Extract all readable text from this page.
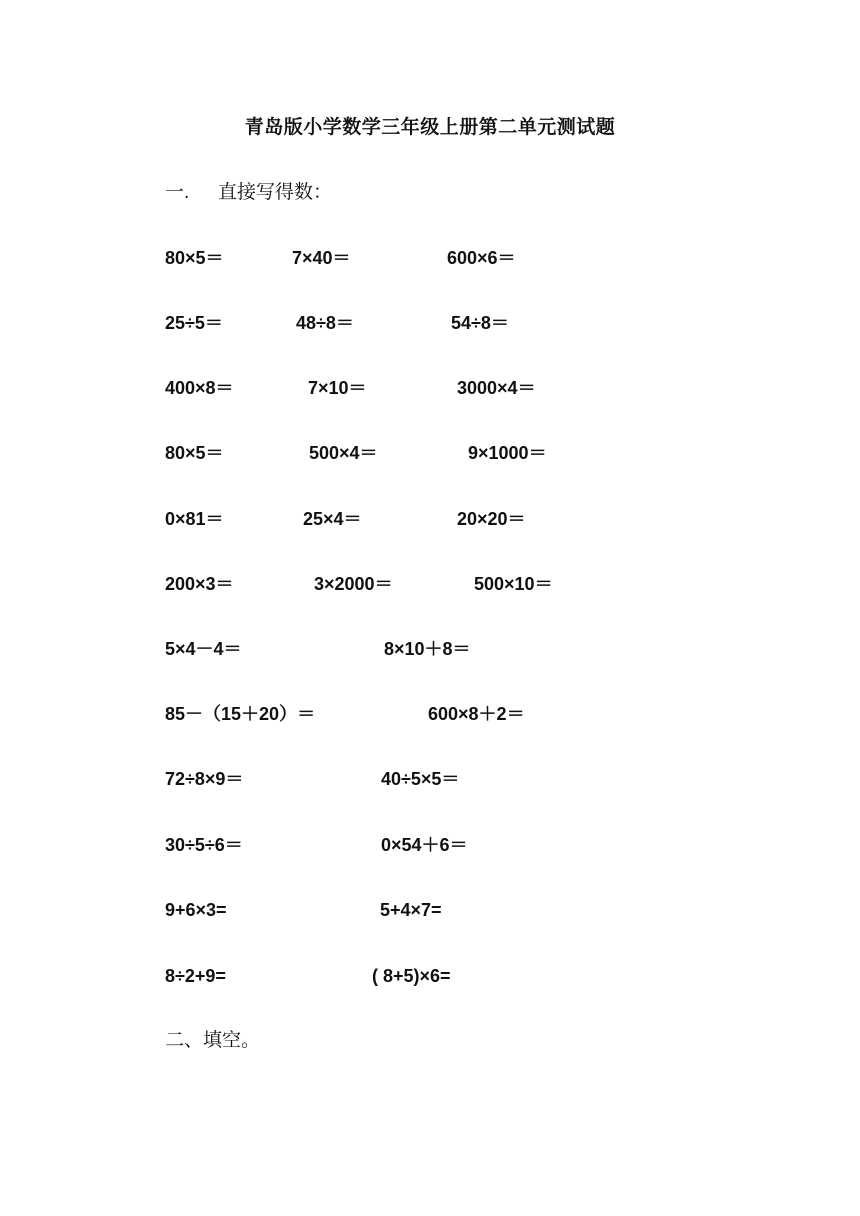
青岛版小学数学三年级上册第二单元测试题
一. 直接写得数：
80×5＝	7×40＝	600×6＝
25÷5＝	48÷8＝	54÷8＝
400×8＝	7×10＝	3000×4＝
80×5＝	500×4＝	9×1000＝
0×81＝	25×4＝	20×20＝
200×3＝	3×2000＝	500×10＝
5×4－4＝	8×10＋8＝
85－（15＋20）＝	600×8＋2＝
72÷8×9＝	40÷5×5＝
30÷5÷6＝	0×54＋6＝
9+6×3=	5+4×7=
8÷2+9=	( 8+5)×6=
二、填空。
